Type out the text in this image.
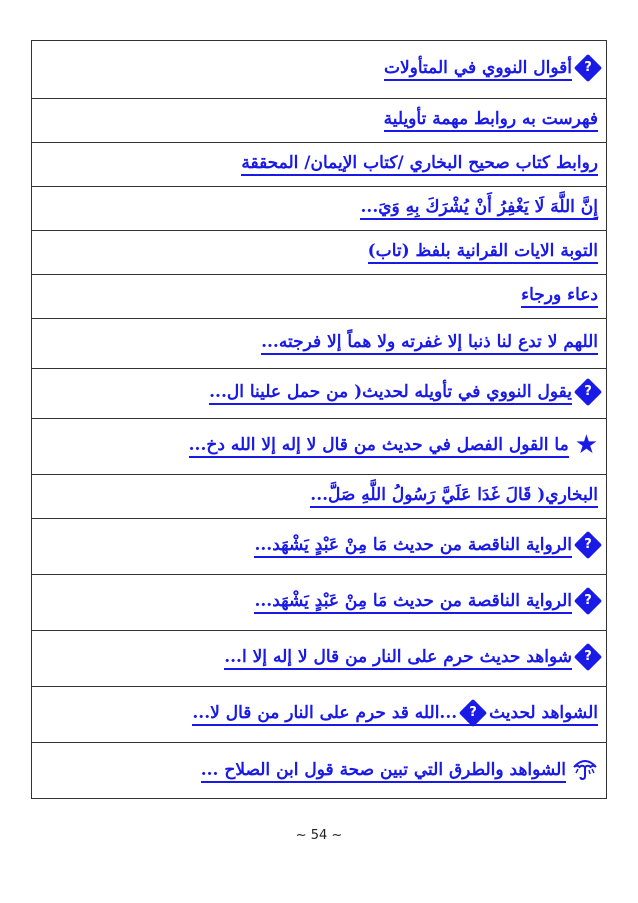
?
أقوال النووي في المتأولات
فهرست به روابط مهمة تأويلية
روابط كتاب صحيح البخاري /كتاب الإيمان/ المحققة
إِنَّ اللَّهَ لَا يَغْفِرُ أَنْ يُشْرَكَ بِهِ وَيَ...
التوبة الايات القرانية بلفظ (تاب)
دعاء ورجاء
اللهم لا تدع لنا ذنبا إلا غفرته ولا هماً إلا فرجته...

?
يقول النووي في تأويله لحديث( من حمل علينا ال...
★ما القول الفصل في حديث من قال لا إله إلا الله دخ...
البخاري( قَالَ غَدَا عَلَيَّ رَسُولُ اللَّهِ صَلَّ...

?
الرواية الناقصة من حديث مَا مِنْ عَبْدٍ يَشْهَد...

?
الرواية الناقصة من حديث مَا مِنْ عَبْدٍ يَشْهَد...

?
شواهد حديث حرم على النار من قال لا إله إلا ا...
الشواهد لحديث
?
...الله قد حرم على النار من قال لا...
الشواهد والطرق التي تبين صحة قول ابن الصلاح ...
~ 54 ~
